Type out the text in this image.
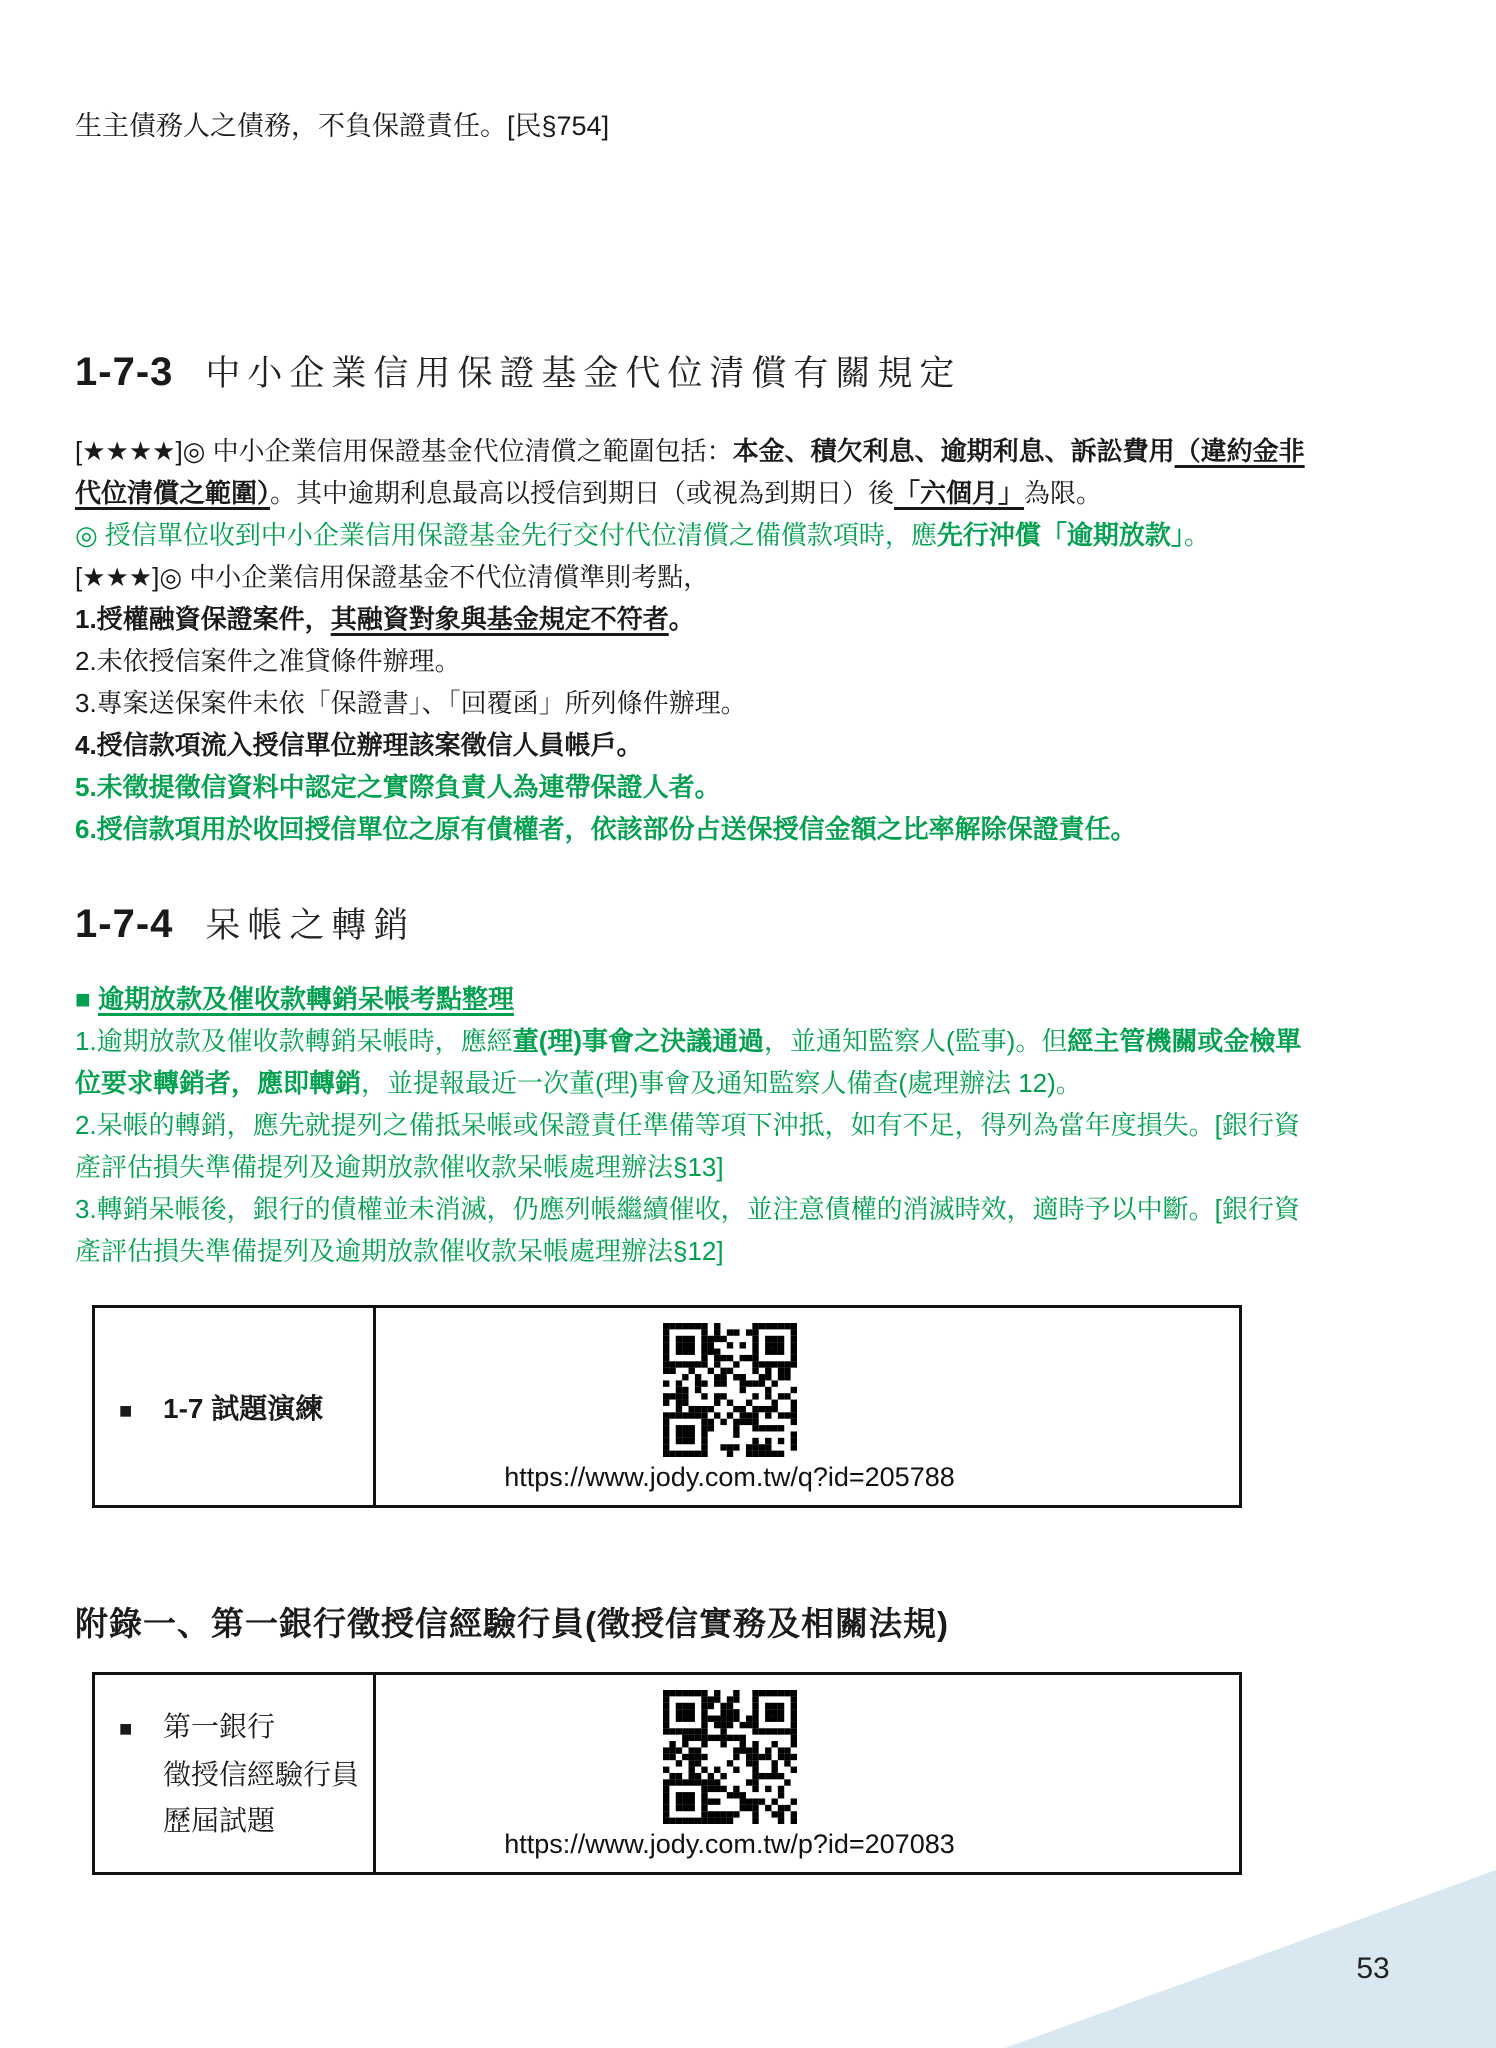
生主債務人之債務，不負保證責任。[民§754]
1-7-3 中小企業信用保證基金代位清償有關規定
[★★★★]◎ 中小企業信用保證基金代位清償之範圍包括：本金、積欠利息、逾期利息、訴訟費用（違約金非
代位清償之範圍）。其中逾期利息最高以授信到期日（或視為到期日）後「六個月」為限。
◎ 授信單位收到中小企業信用保證基金先行交付代位清償之備償款項時，應先行沖償「逾期放款」。
[★★★]◎ 中小企業信用保證基金不代位清償準則考點，
1.授權融資保證案件，其融資對象與基金規定不符者。
2.未依授信案件之准貸條件辦理。
3.專案送保案件未依「保證書」、「回覆函」所列條件辦理。
4.授信款項流入授信單位辦理該案徵信人員帳戶。
5.未徵提徵信資料中認定之實際負責人為連帶保證人者。
6.授信款項用於收回授信單位之原有債權者，依該部份占送保授信金額之比率解除保證責任。
1-7-4 呆帳之轉銷
■ 逾期放款及催收款轉銷呆帳考點整理
1.逾期放款及催收款轉銷呆帳時，應經董(理)事會之決議通過，並通知監察人(監事)。但經主管機關或金檢單
位要求轉銷者，應即轉銷，並提報最近一次董(理)事會及通知監察人備查(處理辦法 12)。
2.呆帳的轉銷，應先就提列之備抵呆帳或保證責任準備等項下沖抵，如有不足，得列為當年度損失。[銀行資
產評估損失準備提列及逾期放款催收款呆帳處理辦法§13]
3.轉銷呆帳後，銀行的債權並未消滅，仍應列帳繼續催收，並注意債權的消滅時效，適時予以中斷。[銀行資
產評估損失準備提列及逾期放款催收款呆帳處理辦法§12]
■ 1-7 試題演練
https://www.jody.com.tw/q?id=205788
附錄一、第一銀行徵授信經驗行員(徵授信實務及相關法規)
■ 第一銀行
徵授信經驗行員
歷屆試題
https://www.jody.com.tw/p?id=207083
53
